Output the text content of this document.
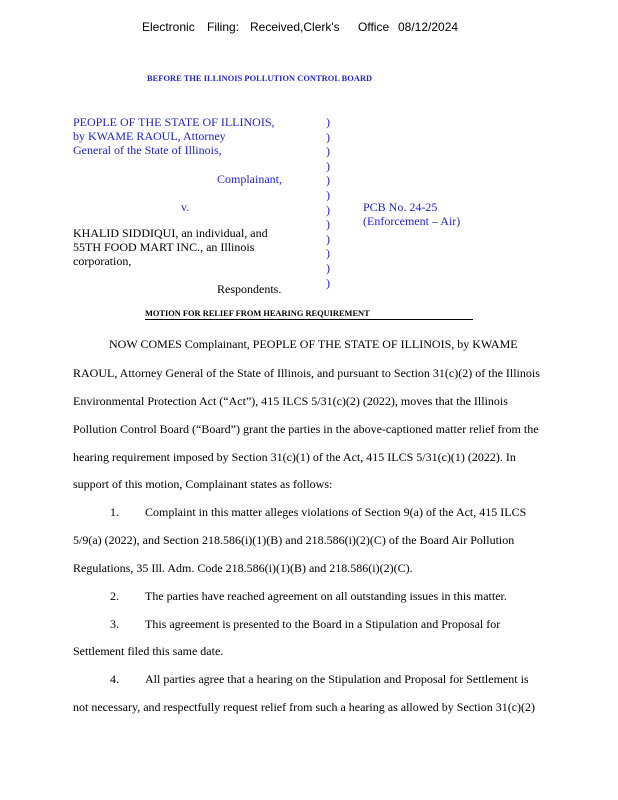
Electronic Filing: Received,Clerk's Office 08/12/2024
BEFORE THE ILLINOIS POLLUTION CONTROL BOARD
PEOPLE OF THE STATE OF ILLINOIS,
by KWAME RAOUL, Attorney
General of the State of Illinois,
Complainant,
v.	PCB No. 24-25
(Enforcement – Air)
KHALID SIDDIQUI, an individual, and
55TH FOOD MART INC., an Illinois
corporation,
Respondents.
)
)
)
)
)
)
)
)
)
)
)
)
MOTION FOR RELIEF FROM HEARING REQUIREMENT
NOW COMES Complainant, PEOPLE OF THE STATE OF ILLINOIS, by KWAME
RAOUL, Attorney General of the State of Illinois, and pursuant to Section 31(c)(2) of the Illinois
Environmental Protection Act (“Act”), 415 ILCS 5/31(c)(2) (2022), moves that the Illinois
Pollution Control Board (“Board”) grant the parties in the above-captioned matter relief from the
hearing requirement imposed by Section 31(c)(1) of the Act, 415 ILCS 5/31(c)(1) (2022). In
support of this motion, Complainant states as follows:
1. Complaint in this matter alleges violations of Section 9(a) of the Act, 415 ILCS
5/9(a) (2022), and Section 218.586(i)(1)(B) and 218.586(i)(2)(C) of the Board Air Pollution
Regulations, 35 Ill. Adm. Code 218.586(i)(1)(B) and 218.586(i)(2)(C).
2. The parties have reached agreement on all outstanding issues in this matter.
3. This agreement is presented to the Board in a Stipulation and Proposal for
Settlement filed this same date.
4. All parties agree that a hearing on the Stipulation and Proposal for Settlement is
not necessary, and respectfully request relief from such a hearing as allowed by Section 31(c)(2)
